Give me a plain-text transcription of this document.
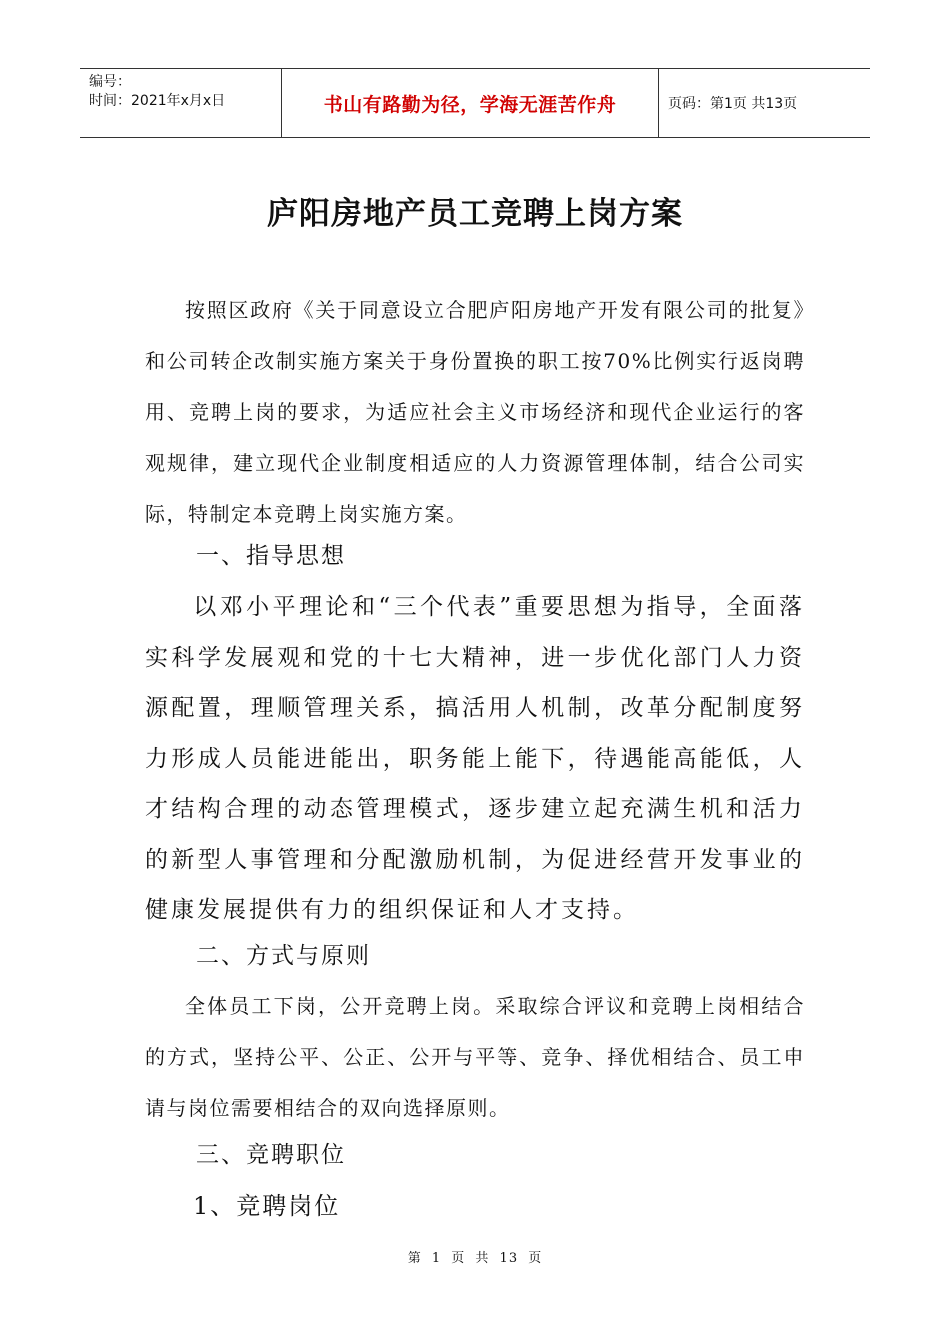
编号：
时间：2021年x月x日	书山有路勤为径，学海无涯苦作舟	页码：第1页 共13页
庐阳房地产员工竞聘上岗方案

按照区政府《关于同意设立合肥庐阳房地产开发有限公司的批复》和公司转企改制实施方案关于身份置换的职工按70%比例实行返岗聘用、竞聘上岗的要求，为适应社会主义市场经济和现代企业运行的客观规律，建立现代企业制度相适应的人力资源管理体制，结合公司实际，特制定本竞聘上岗实施方案。

一、指导思想

以邓小平理论和“三个代表”重要思想为指导，全面落实科学发展观和党的十七大精神，进一步优化部门人力资源配置，理顺管理关系，搞活用人机制，改革分配制度努力形成人员能进能出，职务能上能下，待遇能高能低，人才结构合理的动态管理模式，逐步建立起充满生机和活力的新型人事管理和分配激励机制，为促进经营开发事业的健康发展提供有力的组织保证和人才支持。

二、方式与原则

全体员工下岗，公开竞聘上岗。采取综合评议和竞聘上岗相结合的方式，坚持公平、公正、公开与平等、竞争、择优相结合、员工申请与岗位需要相结合的双向选择原则。

三、竞聘职位
1、竞聘岗位
第 1 页 共 13 页
